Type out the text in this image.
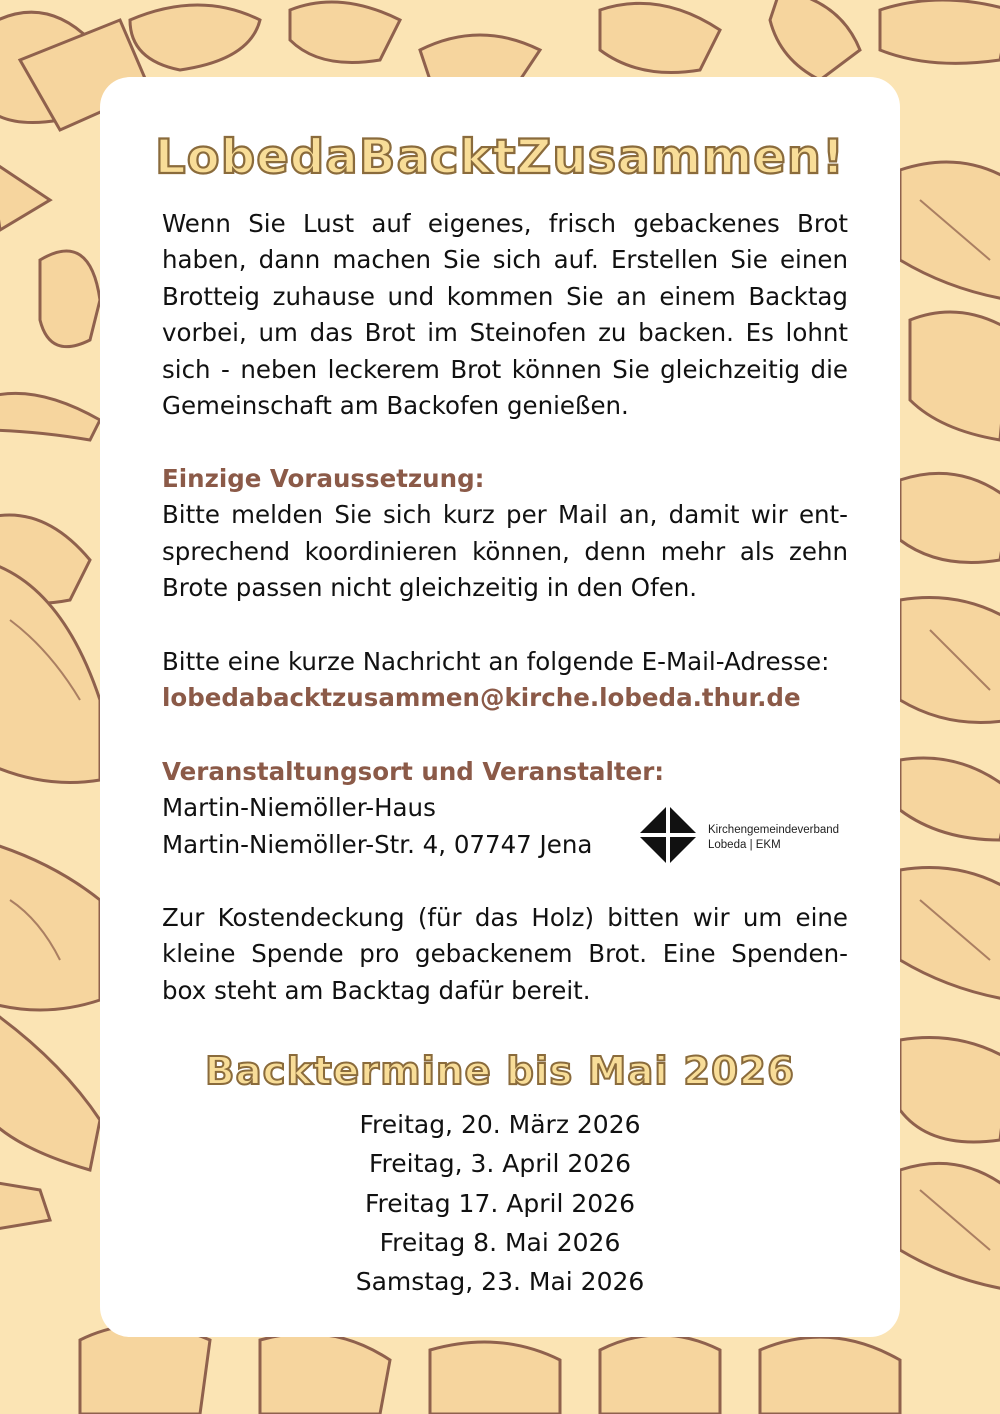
LobedaBacktZusammen!

Wenn Sie Lust auf eigenes, frisch gebackenes Brot
haben, dann machen Sie sich auf. Erstellen Sie einen
Brotteig zuhause und kommen Sie an einem Backtag
vorbei, um das Brot im Steinofen zu backen. Es lohnt
sich - neben leckerem Brot können Sie gleichzeitig die
Gemeinschaft am Backofen genießen.

Einzige Voraussetzung:

Bitte melden Sie sich kurz per Mail an, damit wir ent-
sprechend koordinieren können, denn mehr als zehn
Brote passen nicht gleichzeitig in den Ofen.

Bitte eine kurze Nachricht an folgende E-Mail-Adresse:
lobedabacktzusammen@kirche.lobeda.thur.de

Veranstaltungsort und Veranstalter:

Martin-Niemöller-Haus
Martin-Niemöller-Str. 4, 07747 Jena	Kirchengemeindeverband
Lobeda | EKM

Zur Kostendeckung (für das Holz) bitten wir um eine
kleine Spende pro gebackenem Brot. Eine Spenden-
box steht am Backtag dafür bereit.

Backtermine bis Mai 2026
Freitag, 20. März 2026
Freitag, 3. April 2026
Freitag 17. April 2026
Freitag 8. Mai 2026
Samstag, 23. Mai 2026
